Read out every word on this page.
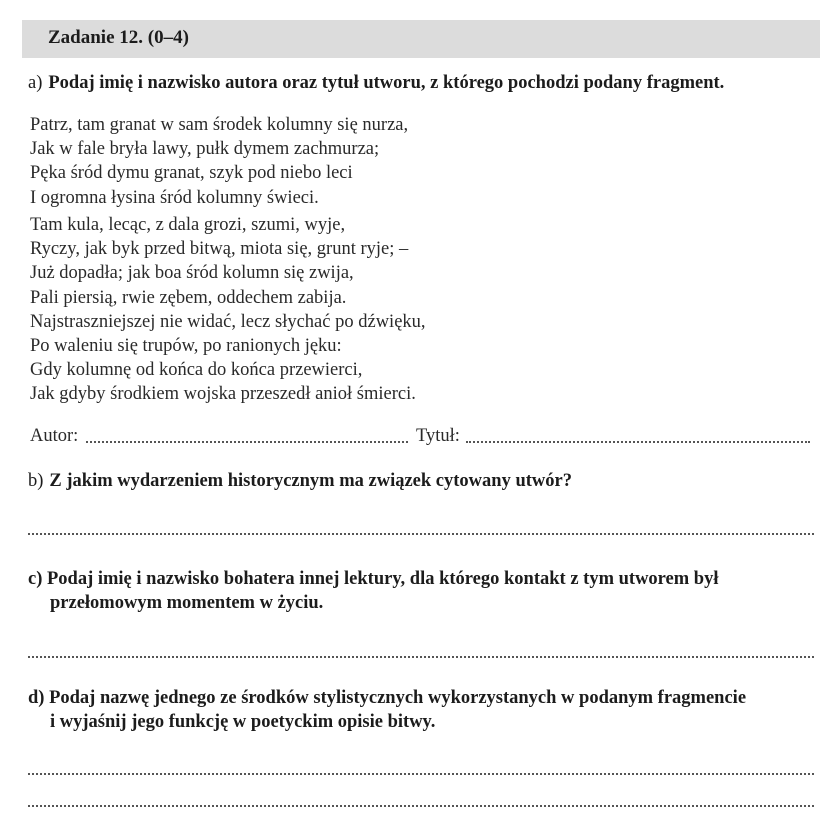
Zadanie 12. (0–4)
a) Podaj imię i nazwisko autora oraz tytuł utworu, z którego pochodzi podany fragment.
Patrz, tam granat w sam środek kolumny się nurza,
Jak w fale bryła lawy, pułk dymem zachmurza;
Pęka śród dymu granat, szyk pod niebo leci
I ogromna łysina śród kolumny świeci.
Tam kula, lecąc, z dala grozi, szumi, wyje,
Ryczy, jak byk przed bitwą, miota się, grunt ryje; –
Już dopadła; jak boa śród kolumn się zwija,
Pali piersią, rwie zębem, oddechem zabija.
Najstraszniejszej nie widać, lecz słychać po dźwięku,
Po waleniu się trupów, po ranionych jęku:
Gdy kolumnę od końca do końca przewierci,
Jak gdyby środkiem wojska przeszedł anioł śmierci.
Autor:	Tytuł:
b) Z jakim wydarzeniem historycznym ma związek cytowany utwór?
c) Podaj imię i nazwisko bohatera innej lektury, dla którego kontakt z tym utworem był
przełomowym momentem w życiu.
d) Podaj nazwę jednego ze środków stylistycznych wykorzystanych w podanym fragmencie
i wyjaśnij jego funkcję w poetyckim opisie bitwy.
